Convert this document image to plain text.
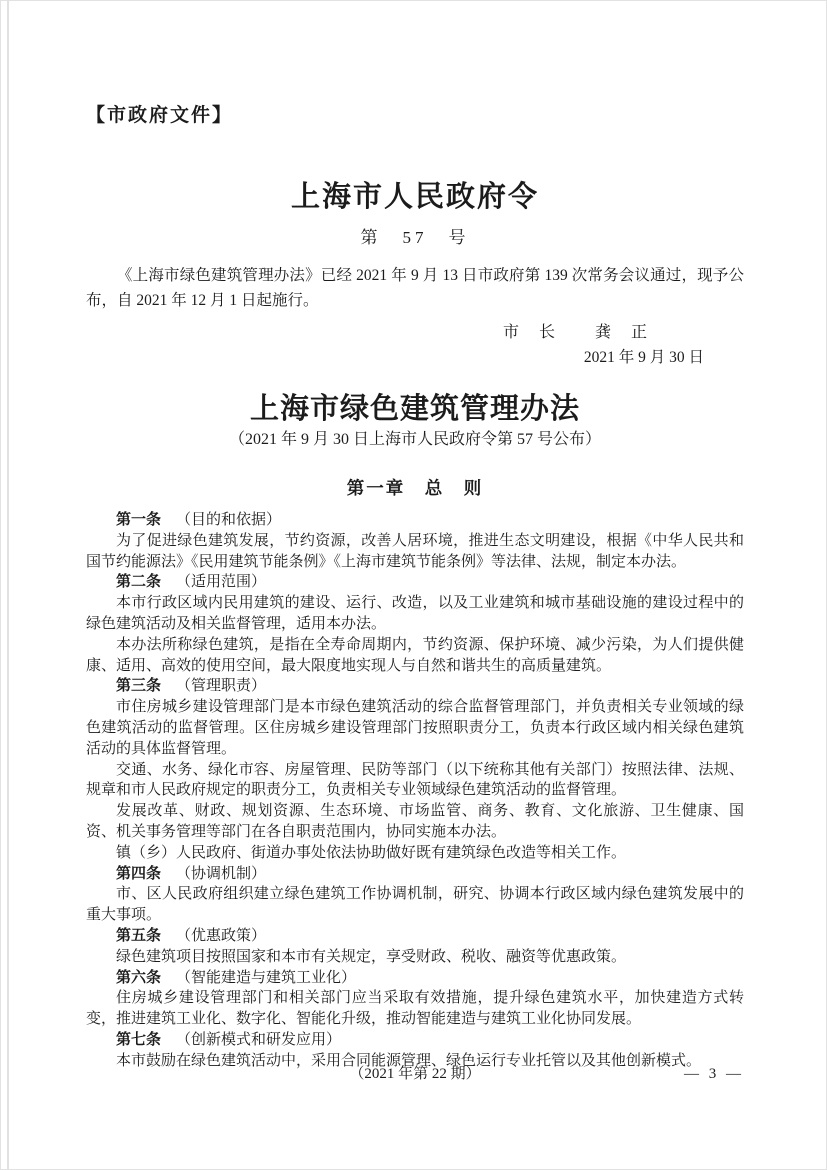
【市政府文件】
上海市人民政府令
第　57　号

《上海市绿色建筑管理办法》已经 2021 年 9 月 13 日市政府第 139 次常务会议通过，现予公布，自 2021 年 12 月 1 日起施行。

市　长 龚　正
2021 年 9 月 30 日
上海市绿色建筑管理办法
（2021 年 9 月 30 日上海市人民政府令第 57 号公布）
第一章　总　则

第一条 （目的和依据）

为了促进绿色建筑发展，节约资源，改善人居环境，推进生态文明建设，根据《中华人民共和国节约能源法》《民用建筑节能条例》《上海市建筑节能条例》等法律、法规，制定本办法。

第二条 （适用范围）

本市行政区域内民用建筑的建设、运行、改造，以及工业建筑和城市基础设施的建设过程中的绿色建筑活动及相关监督管理，适用本办法。

本办法所称绿色建筑，是指在全寿命周期内，节约资源、保护环境、减少污染，为人们提供健康、适用、高效的使用空间，最大限度地实现人与自然和谐共生的高质量建筑。

第三条 （管理职责）

市住房城乡建设管理部门是本市绿色建筑活动的综合监督管理部门，并负责相关专业领域的绿色建筑活动的监督管理。区住房城乡建设管理部门按照职责分工，负责本行政区域内相关绿色建筑活动的具体监督管理。

交通、水务、绿化市容、房屋管理、民防等部门（以下统称其他有关部门）按照法律、法规、规章和市人民政府规定的职责分工，负责相关专业领域绿色建筑活动的监督管理。

发展改革、财政、规划资源、生态环境、市场监管、商务、教育、文化旅游、卫生健康、国资、机关事务管理等部门在各自职责范围内，协同实施本办法。

镇（乡）人民政府、街道办事处依法协助做好既有建筑绿色改造等相关工作。

第四条 （协调机制）

市、区人民政府组织建立绿色建筑工作协调机制，研究、协调本行政区域内绿色建筑发展中的重大事项。

第五条 （优惠政策）

绿色建筑项目按照国家和本市有关规定，享受财政、税收、融资等优惠政策。

第六条 （智能建造与建筑工业化）

住房城乡建设管理部门和相关部门应当采取有效措施，提升绿色建筑水平，加快建造方式转变，推进建筑工业化、数字化、智能化升级，推动智能建造与建筑工业化协同发展。

第七条 （创新模式和研发应用）

本市鼓励在绿色建筑活动中，采用合同能源管理、绿色运行专业托管以及其他创新模式。

（2021 年第 22 期）	— 3 —
